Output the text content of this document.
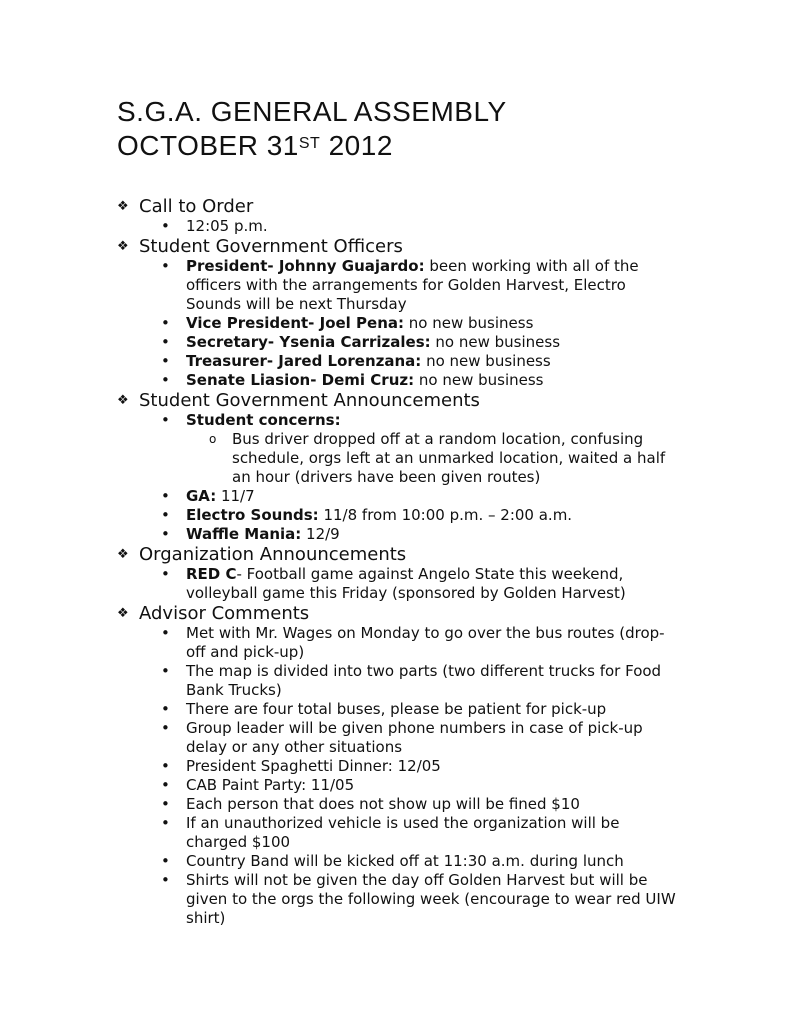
S.G.A. GENERAL ASSEMBLY
OCTOBER 31ST 2012
❖ Call to Order
• 12:05 p.m.
❖ Student Government Officers
• President- Johnny Guajardo: been working with all of the officers with the arrangements for Golden Harvest, Electro Sounds will be next Thursday
• Vice President- Joel Pena: no new business
• Secretary- Ysenia Carrizales: no new business
• Treasurer- Jared Lorenzana: no new business
• Senate Liasion- Demi Cruz: no new business
❖ Student Government Announcements
• Student concerns:
o Bus driver dropped off at a random location, confusing schedule, orgs left at an unmarked location, waited a half an hour (drivers have been given routes)
• GA: 11/7
• Electro Sounds: 11/8 from 10:00 p.m. – 2:00 a.m.
• Waffle Mania: 12/9
❖ Organization Announcements
• RED C- Football game against Angelo State this weekend, volleyball game this Friday (sponsored by Golden Harvest)
❖ Advisor Comments
• Met with Mr. Wages on Monday to go over the bus routes (drop-off and pick-up)
• The map is divided into two parts (two different trucks for Food Bank Trucks)
• There are four total buses, please be patient for pick-up
• Group leader will be given phone numbers in case of pick-up delay or any other situations
• President Spaghetti Dinner: 12/05
• CAB Paint Party: 11/05
• Each person that does not show up will be fined $10
• If an unauthorized vehicle is used the organization will be charged $100
• Country Band will be kicked off at 11:30 a.m. during lunch
• Shirts will not be given the day off Golden Harvest but will be given to the orgs the following week (encourage to wear red UIW shirt)
